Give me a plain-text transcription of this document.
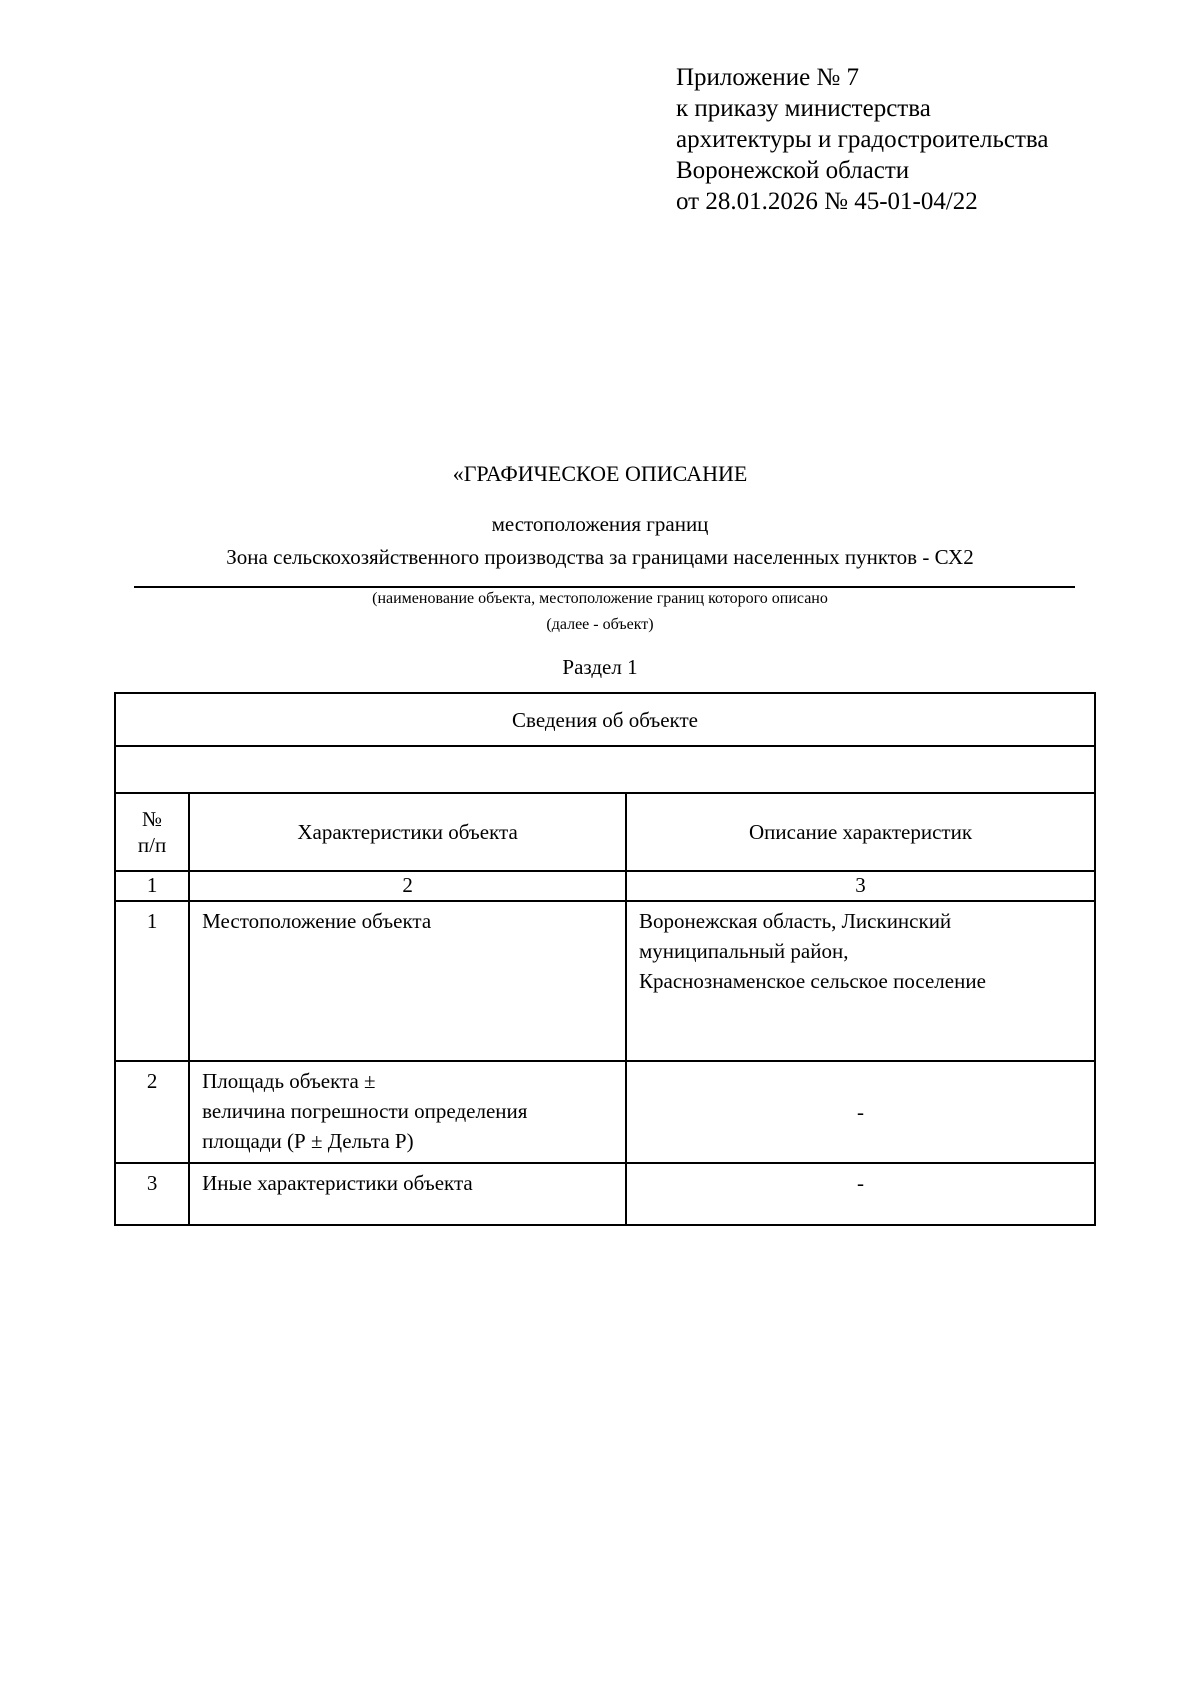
Приложение № 7
к приказу министерства
архитектуры и градостроительства
Воронежской области
от 28.01.2026 № 45-01-04/22
«ГРАФИЧЕСКОЕ ОПИСАНИЕ
местоположения границ
Зона сельскохозяйственного производства за границами населенных пунктов - СХ2
(наименование объекта, местоположение границ которого описано
(далее - объект)
Раздел 1
Сведения об объекте		

№
п/п	Характеристики объекта	Описание характеристик
1	2	3
1	Местоположение объекта	Воронежская область, Лискинский
муниципальный район,
Краснознаменское сельское поселение
2	Площадь объекта ±
величина погрешности определения
площади (Р ± Дельта Р)	-
3	Иные характеристики объекта	-
